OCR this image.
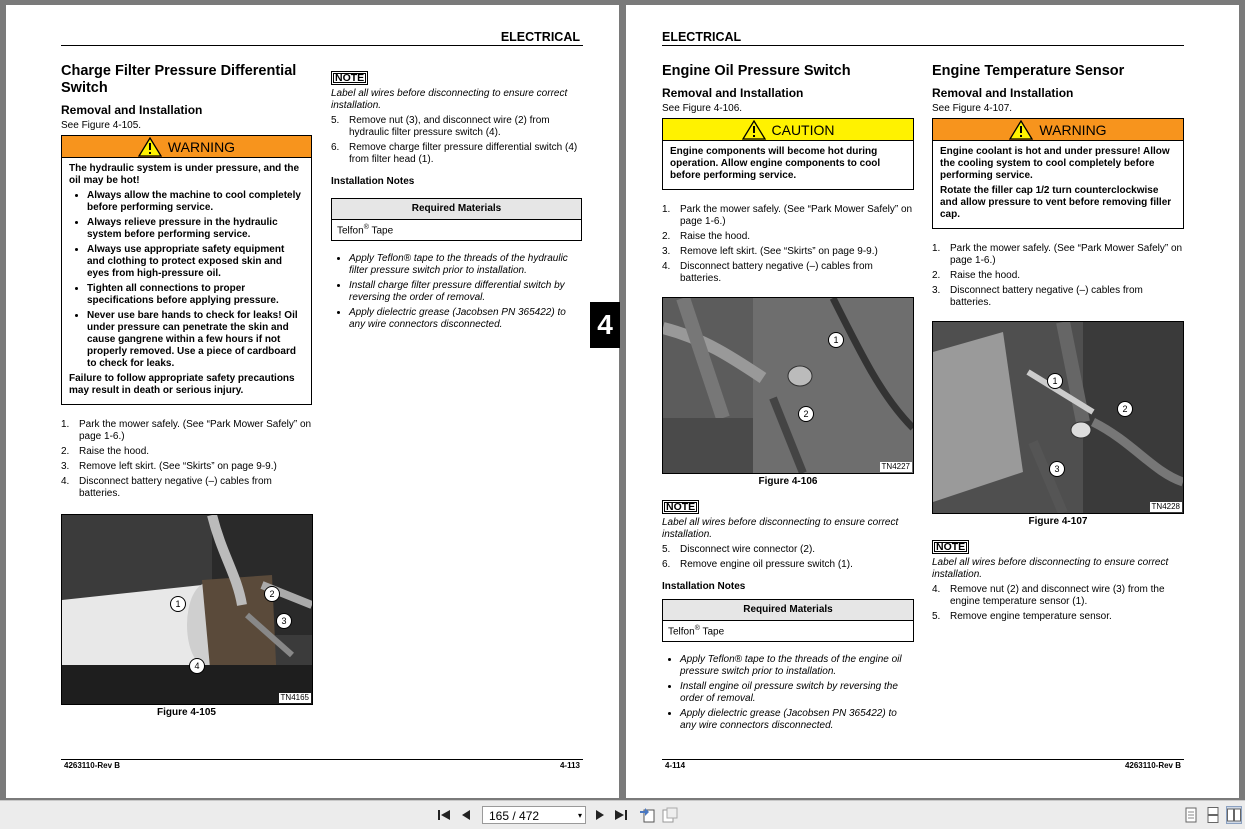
ELECTRICAL
Charge Filter Pressure Differential Switch
Removal and Installation

See Figure 4-105.

WARNING

The hydraulic system is under pressure, and the oil may be hot!

• Always allow the machine to cool completely before performing service.
• Always relieve pressure in the hydraulic system before performing service.
• Always use appropriate safety equipment and clothing to protect exposed skin and eyes from high-pressure oil.
• Tighten all connections to proper specifications before applying pressure.
• Never use bare hands to check for leaks! Oil under pressure can penetrate the skin and cause gangrene within a few hours if not properly removed. Use a piece of cardboard to check for leaks.

Failure to follow appropriate safety precautions may result in death or serious injury.

1. Park the mower safely. (See “Park Mower Safely” on page 1-6.)
2. Raise the hood.
3. Remove left skirt. (See “Skirts” on page 9-9.)
4. Disconnect battery negative (–) cables from batteries.
1
2
3
4
TN4165
Figure 4-105
NOTE

Label all wires before disconnecting to ensure correct installation.

5. Remove nut (3), and disconnect wire (2) from hydraulic filter pressure switch (4).
6. Remove charge filter pressure differential switch (4) from filter head (1).
Installation Notes
Required Materials
Telfon® Tape
• Apply Teflon® tape to the threads of the hydraulic filter pressure switch prior to installation.
• Install charge filter pressure differential switch by reversing the order of removal.
• Apply dielectric grease (Jacobsen PN 365422) to any wire connectors disconnected.
4263110-Rev B	4-113
4
ELECTRICAL
Engine Oil Pressure Switch
Removal and Installation

See Figure 4-106.

CAUTION

Engine components will become hot during operation. Allow engine components to cool before performing service.

1. Park the mower safely. (See “Park Mower Safely” on page 1-6.)
2. Raise the hood.
3. Remove left skirt. (See “Skirts” on page 9-9.)
4. Disconnect battery negative (–) cables from batteries.
1
2
TN4227
Figure 4-106
NOTE

Label all wires before disconnecting to ensure correct installation.

5. Disconnect wire connector (2).
6. Remove engine oil pressure switch (1).
Installation Notes
Required Materials
Telfon® Tape
• Apply Teflon® tape to the threads of the engine oil pressure switch prior to installation.
• Install engine oil pressure switch by reversing the order of removal.
• Apply dielectric grease (Jacobsen PN 365422) to any wire connectors disconnected.
Engine Temperature Sensor
Removal and Installation

See Figure 4-107.

WARNING

Engine coolant is hot and under pressure! Allow the cooling system to cool completely before performing service.

Rotate the filler cap 1/2 turn counterclockwise and allow pressure to vent before removing filler cap.

1. Park the mower safely. (See “Park Mower Safely” on page 1-6.)
2. Raise the hood.
3. Disconnect battery negative (–) cables from batteries.
1
2
3
TN4228
Figure 4-107
NOTE

Label all wires before disconnecting to ensure correct installation.

4. Remove nut (2) and disconnect wire (3) from the engine temperature sensor (1).
5. Remove engine temperature sensor.
4-114	4263110-Rev B
165 / 472	▾
